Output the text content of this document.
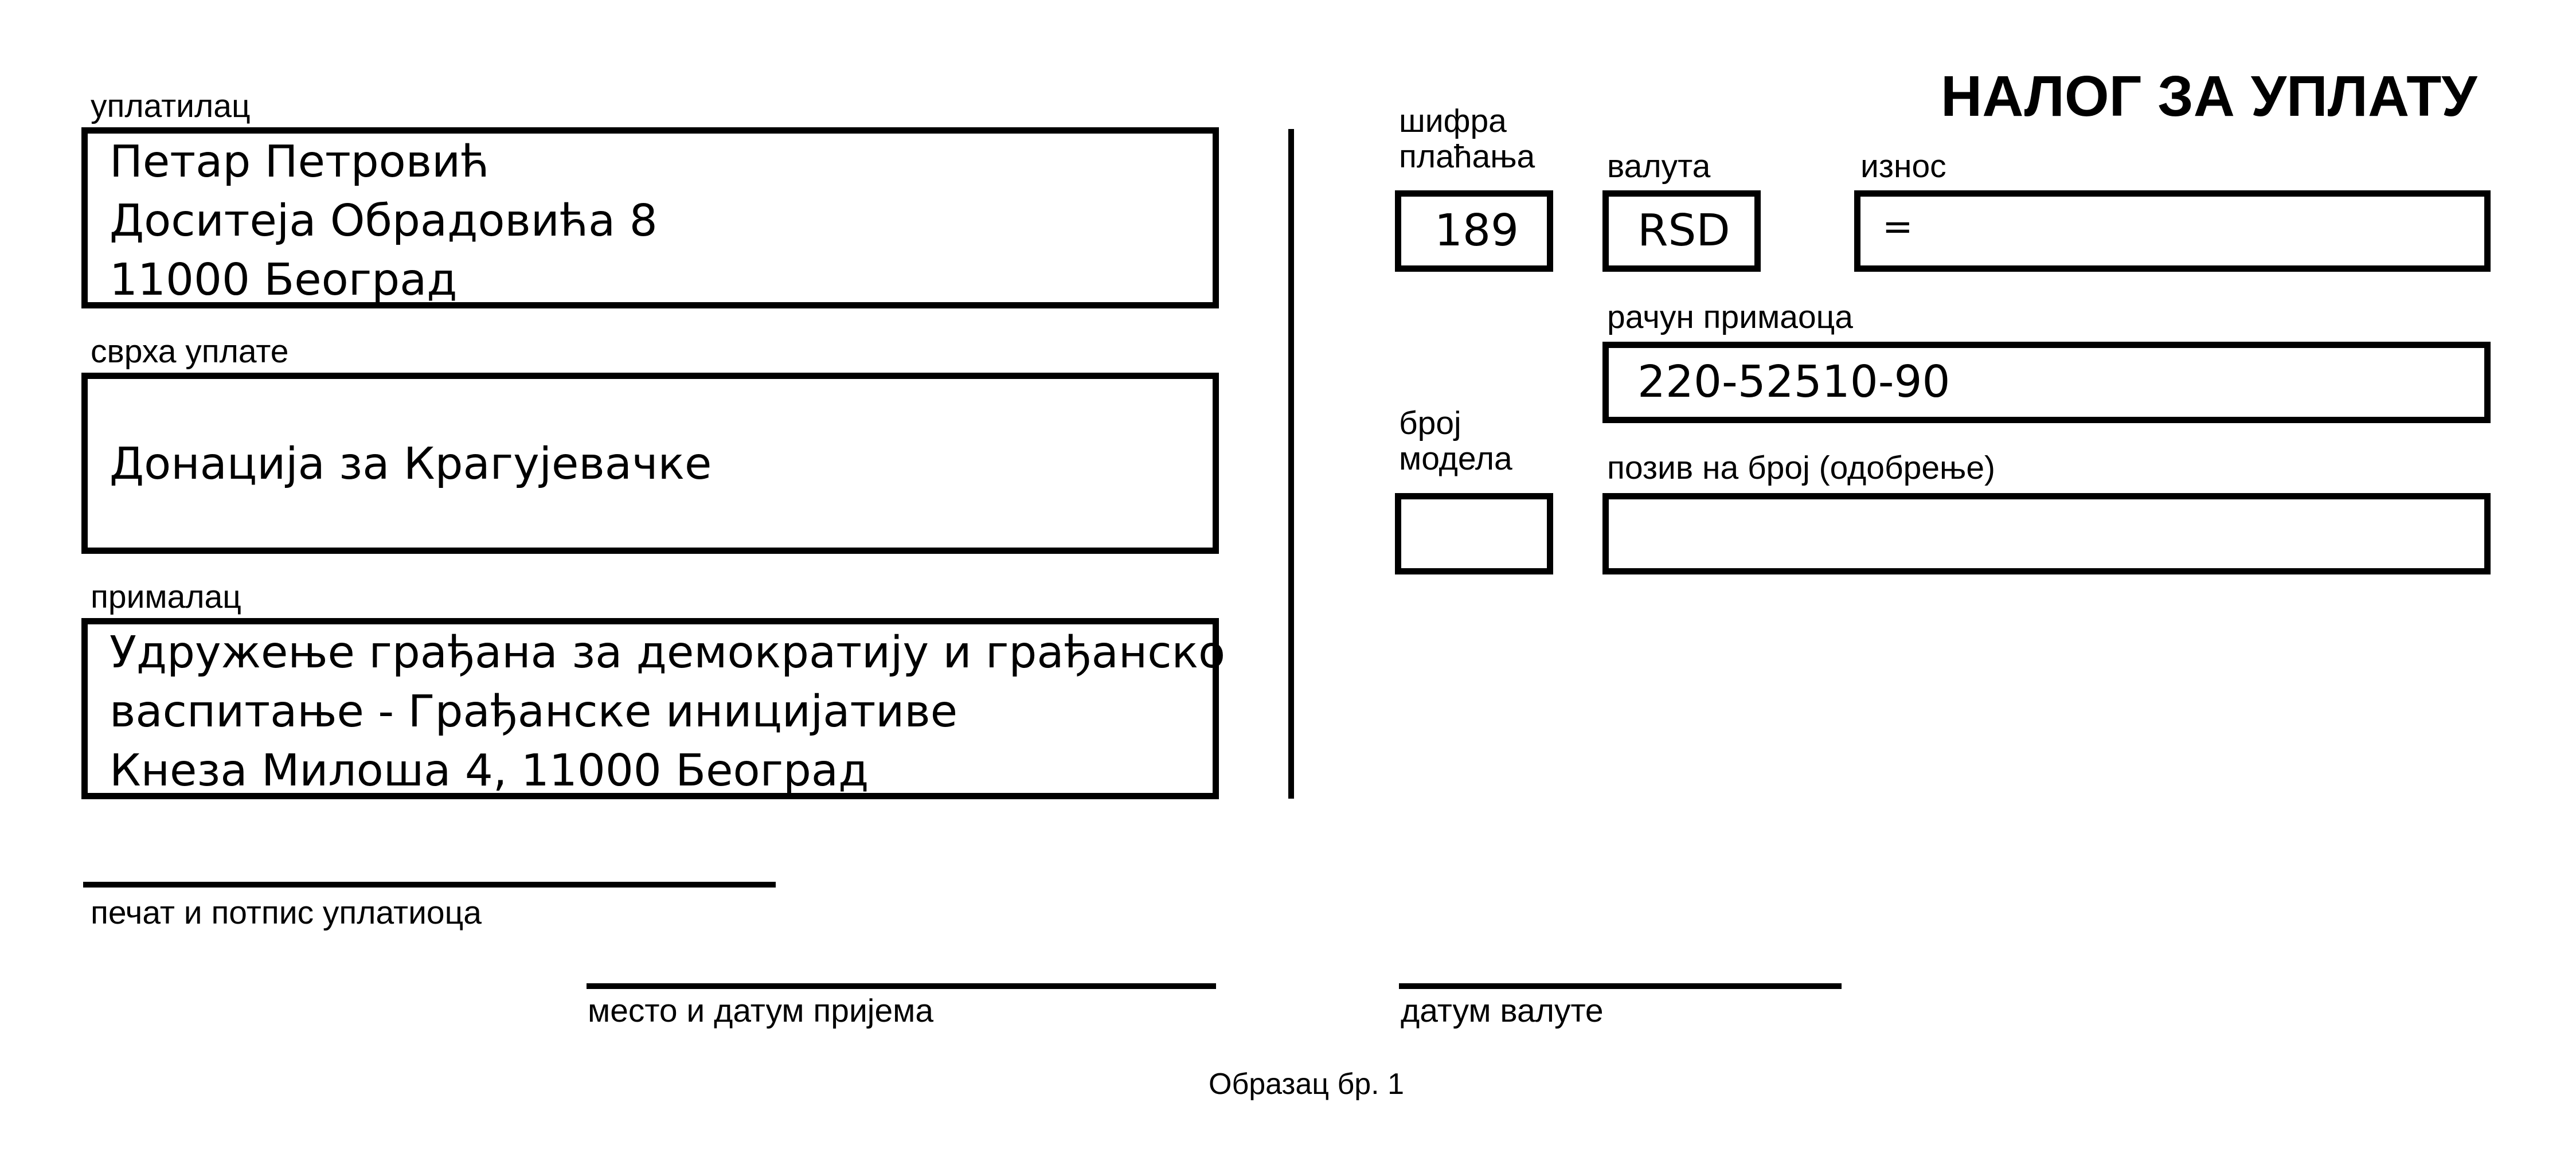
НАЛОГ ЗА УПЛАТУ
уплатилац
Петар Петровић
Доситеја Обрадовића 8
11000 Београд
сврха уплате
Донација за Крагујевачке
прималац
Удружење грађана за демократију и грађанско
васпитање - Грађанске иницијативе
Кнеза Милоша 4, 11000 Београд
шифра
плаћања
189
валута
RSD
износ
=
рачун примаоца
220-52510-90
број
модела	позив на број (одобрење)
печат и потпис уплатиоца
место и датум пријема	датум валуте
Образац бр. 1
